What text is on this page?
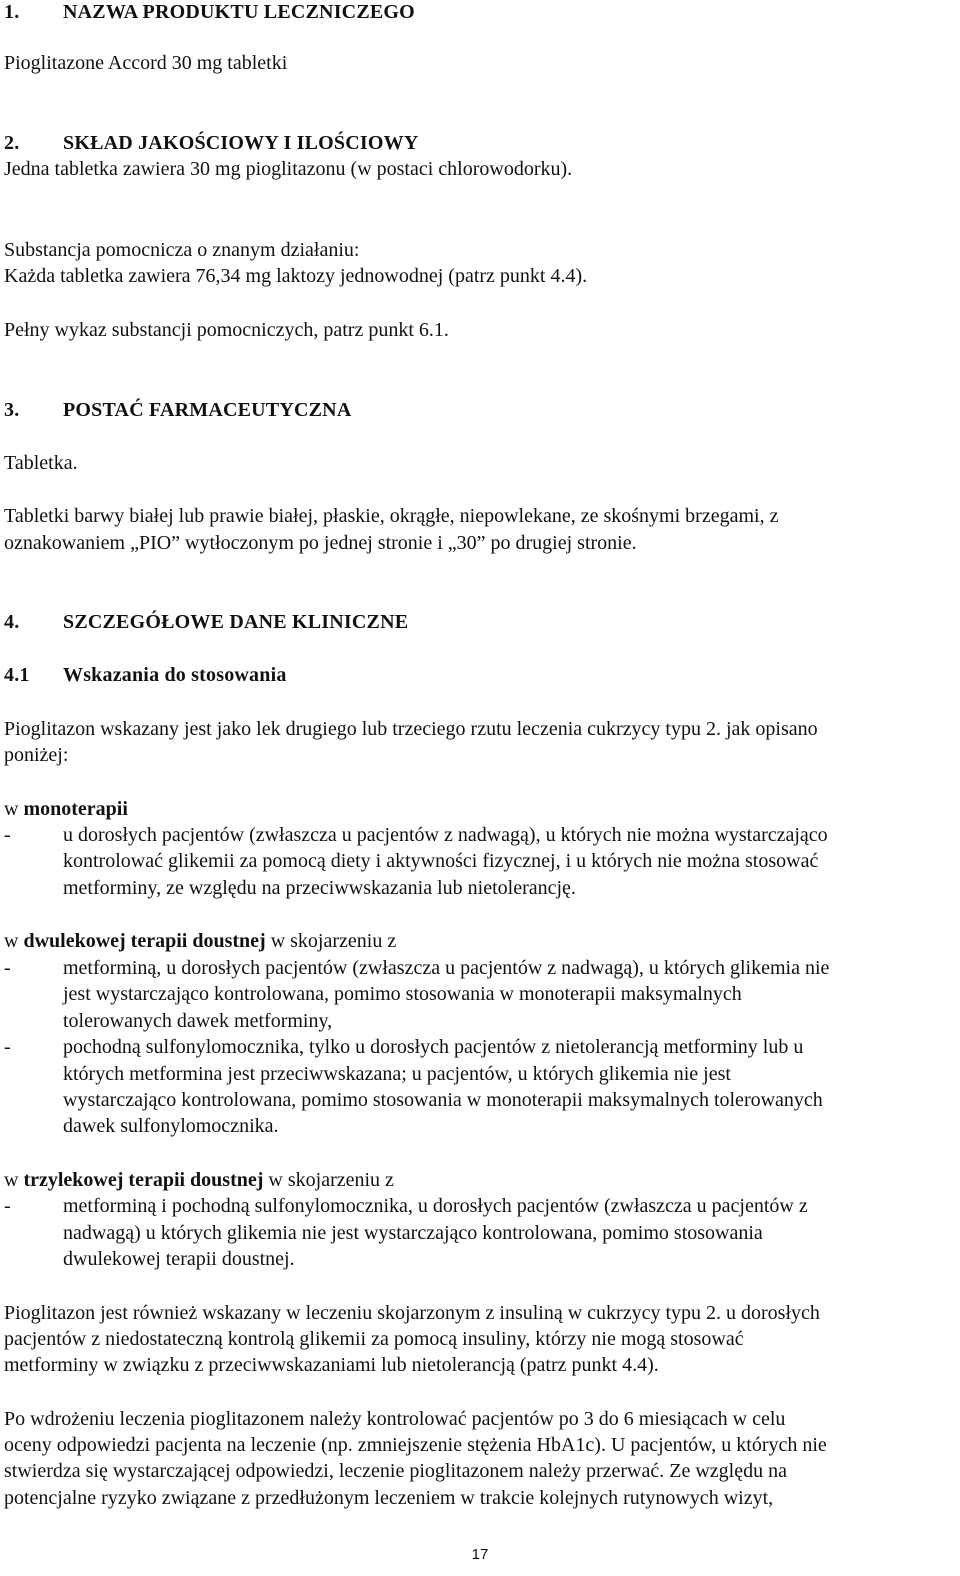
1. NAZWA PRODUKTU LECZNICZEGO
Pioglitazone Accord 30 mg tabletki
2. SKŁAD JAKOŚCIOWY I ILOŚCIOWY
Jedna tabletka zawiera 30 mg pioglitazonu (w postaci chlorowodorku).
Substancja pomocnicza o znanym działaniu:
Każda tabletka zawiera 76,34 mg laktozy jednowodnej (patrz punkt 4.4).
Pełny wykaz substancji pomocniczych, patrz punkt 6.1.
3. POSTAĆ FARMACEUTYCZNA
Tabletka.
Tabletki barwy białej lub prawie białej, płaskie, okrągłe, niepowlekane, ze skośnymi brzegami, z
oznakowaniem „PIO” wytłoczonym po jednej stronie i „30” po drugiej stronie.
4. SZCZEGÓŁOWE DANE KLINICZNE
4.1 Wskazania do stosowania
Pioglitazon wskazany jest jako lek drugiego lub trzeciego rzutu leczenia cukrzycy typu 2. jak opisano
poniżej:
w monoterapii
-	u dorosłych pacjentów (zwłaszcza u pacjentów z nadwagą), u których nie można wystarczająco
kontrolować glikemii za pomocą diety i aktywności fizycznej, i u których nie można stosować
metforminy, ze względu na przeciwwskazania lub nietolerancję.
w dwulekowej terapii doustnej w skojarzeniu z
-	metforminą, u dorosłych pacjentów (zwłaszcza u pacjentów z nadwagą), u których glikemia nie
jest wystarczająco kontrolowana, pomimo stosowania w monoterapii maksymalnych
tolerowanych dawek metforminy,
-	pochodną sulfonylomocznika, tylko u dorosłych pacjentów z nietolerancją metforminy lub u
których metformina jest przeciwwskazana; u pacjentów, u których glikemia nie jest
wystarczająco kontrolowana, pomimo stosowania w monoterapii maksymalnych tolerowanych
dawek sulfonylomocznika.
w trzylekowej terapii doustnej w skojarzeniu z
-	metforminą i pochodną sulfonylomocznika, u dorosłych pacjentów (zwłaszcza u pacjentów z
nadwagą) u których glikemia nie jest wystarczająco kontrolowana, pomimo stosowania
dwulekowej terapii doustnej.
Pioglitazon jest również wskazany w leczeniu skojarzonym z insuliną w cukrzycy typu 2. u dorosłych
pacjentów z niedostateczną kontrolą glikemii za pomocą insuliny, którzy nie mogą stosować
metforminy w związku z przeciwwskazaniami lub nietolerancją (patrz punkt 4.4).
Po wdrożeniu leczenia pioglitazonem należy kontrolować pacjentów po 3 do 6 miesiącach w celu
oceny odpowiedzi pacjenta na leczenie (np. zmniejszenie stężenia HbA1c). U pacjentów, u których nie
stwierdza się wystarczającej odpowiedzi, leczenie pioglitazonem należy przerwać. Ze względu na
potencjalne ryzyko związane z przedłużonym leczeniem w trakcie kolejnych rutynowych wizyt,
17
